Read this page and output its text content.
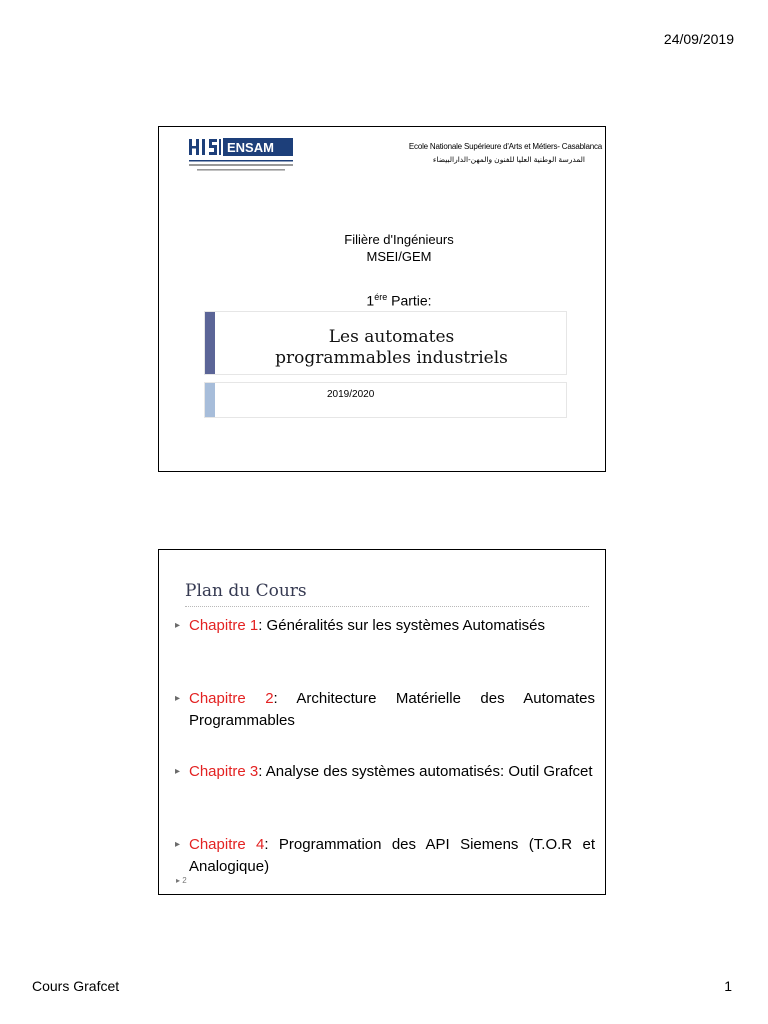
24/09/2019
ENSAM	Ecole Nationale Supérieure d'Arts et Métiers- Casablanca
المدرسة الوطنية العليا للفنون والمهن-الدارالبيضاء
Filière d'Ingénieurs
MSEI/GEM
$1^{ére}$ Partie:
Les automates
programmables industriels
2019/2020
Plan du Cours
▸ Chapitre 1: Généralités sur les systèmes Automatisés
▸ Chapitre 2: Architecture Matérielle des Automates Programmables
▸ Chapitre 3: Analyse des systèmes automatisés: Outil Grafcet
▸ Chapitre 4: Programmation des API Siemens (T.O.R et Analogique)
▸ 2
Cours Grafcet	1
